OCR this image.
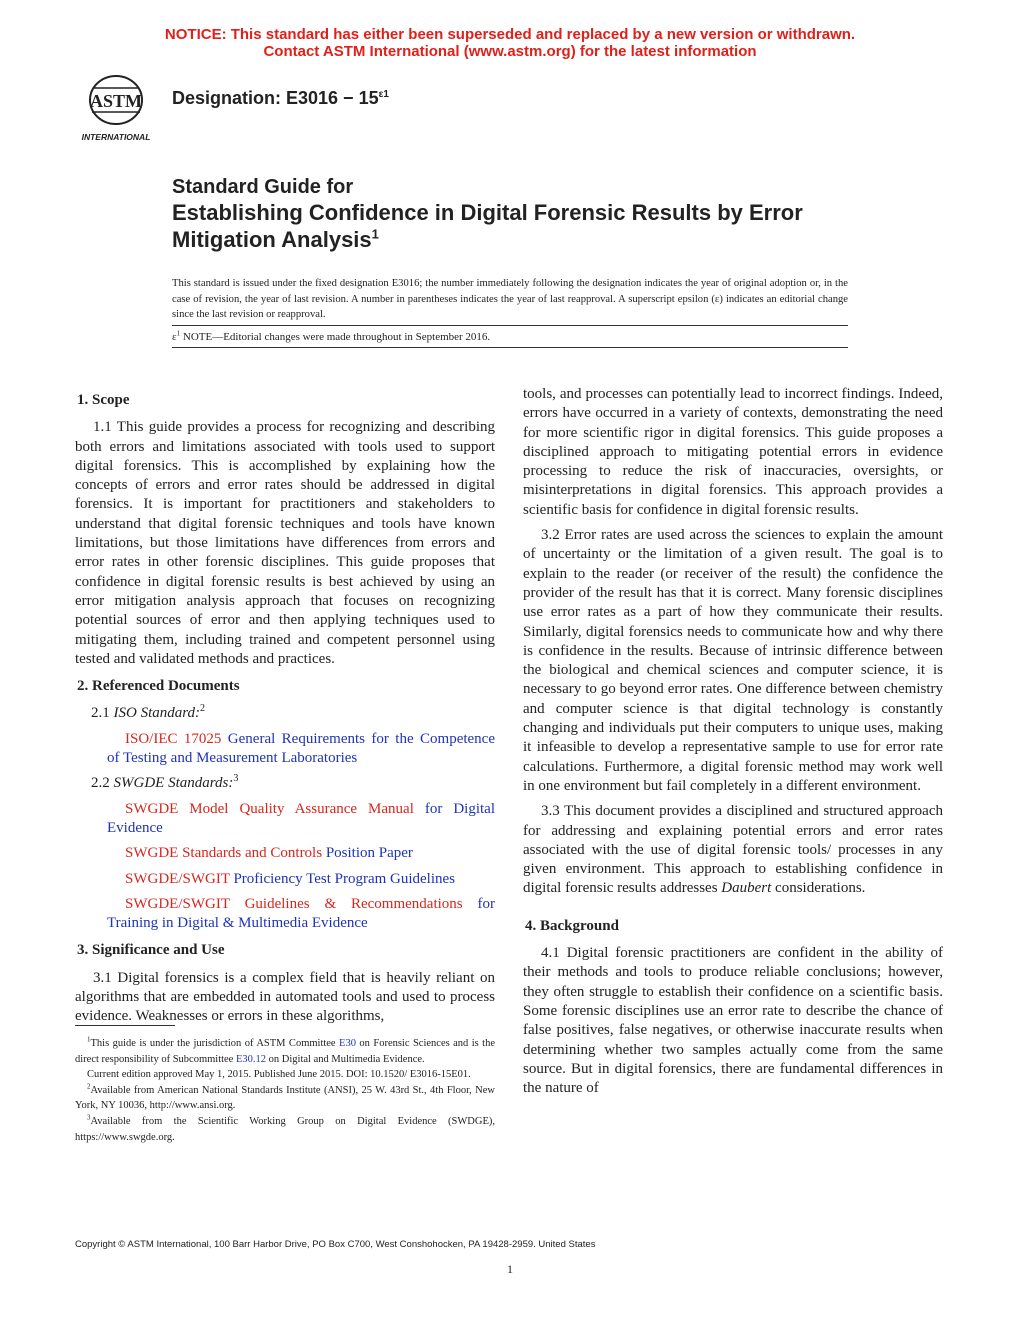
NOTICE: This standard has either been superseded and replaced by a new version or withdrawn.
Contact ASTM International (www.astm.org) for the latest information
ASTM
INTERNATIONAL
Designation: $E3016 - 15^{\varepsilon 1}$
Standard Guide for
Establishing Confidence in Digital Forensic Results by Error
Mitigation Analysis$^1$
This standard is issued under the fixed designation E3016; the number immediately following the designation indicates the year of original adoption or, in the case of revision, the year of last revision. A number in parentheses indicates the year of last reapproval. A superscript epsilon (ε) indicates an editorial change since the last revision or reapproval.
$\varepsilon^1$ NOTE—Editorial changes were made throughout in September 2016.
1. Scope

1.1 This guide provides a process for recognizing and describing both errors and limitations associated with tools used to support digital forensics. This is accomplished by explaining how the concepts of errors and error rates should be addressed in digital forensics. It is important for practitioners and stakeholders to understand that digital forensic techniques and tools have known limitations, but those limitations have differences from errors and error rates in other forensic disciplines. This guide proposes that confidence in digital forensic results is best achieved by using an error mitigation analysis approach that focuses on recognizing potential sources of error and then applying techniques used to mitigating them, including trained and competent personnel using tested and validated methods and practices.

2. Referenced Documents

2.1 ISO Standard:$^2$

ISO/IEC 17025 General Requirements for the Competence of Testing and Measurement Laboratories

2.2 SWGDE Standards:$^3$

SWGDE Model Quality Assurance Manual for Digital Evidence

SWGDE Standards and Controls Position Paper

SWGDE/SWGIT Proficiency Test Program Guidelines

SWGDE/SWGIT Guidelines & Recommendations for Training in Digital & Multimedia Evidence

3. Significance and Use

3.1 Digital forensics is a complex field that is heavily reliant on algorithms that are embedded in automated tools and used to process evidence. Weaknesses or errors in these algorithms,

tools, and processes can potentially lead to incorrect findings. Indeed, errors have occurred in a variety of contexts, demonstrating the need for more scientific rigor in digital forensics. This guide proposes a disciplined approach to mitigating potential errors in evidence processing to reduce the risk of inaccuracies, oversights, or misinterpretations in digital forensics. This approach provides a scientific basis for confidence in digital forensic results.

3.2 Error rates are used across the sciences to explain the amount of uncertainty or the limitation of a given result. The goal is to explain to the reader (or receiver of the result) the confidence the provider of the result has that it is correct. Many forensic disciplines use error rates as a part of how they communicate their results. Similarly, digital forensics needs to communicate how and why there is confidence in the results. Because of intrinsic difference between the biological and chemical sciences and computer science, it is necessary to go beyond error rates. One difference between chemistry and computer science is that digital technology is constantly changing and individuals put their computers to unique uses, making it infeasible to develop a representative sample to use for error rate calculations. Furthermore, a digital forensic method may work well in one environment but fail completely in a different environment.

3.3 This document provides a disciplined and structured approach for addressing and explaining potential errors and error rates associated with the use of digital forensic tools/ processes in any given environment. This approach to establishing confidence in digital forensic results addresses Daubert considerations.

4. Background

4.1 Digital forensic practitioners are confident in the ability of their methods and tools to produce reliable conclusions; however, they often struggle to establish their confidence on a scientific basis. Some forensic disciplines use an error rate to describe the chance of false positives, false negatives, or otherwise inaccurate results when determining whether two samples actually come from the same source. But in digital forensics, there are fundamental differences in the nature of

$^1$This guide is under the jurisdiction of ASTM Committee E30 on Forensic Sciences and is the direct responsibility of Subcommittee E30.12 on Digital and Multimedia Evidence.

Current edition approved May 1, 2015. Published June 2015. DOI: 10.1520/ E3016-15E01.

$^2$Available from American National Standards Institute (ANSI), 25 W. 43rd St., 4th Floor, New York, NY 10036, http://www.ansi.org.

$^3$Available from the Scientific Working Group on Digital Evidence (SWDGE), https://www.swgde.org.

Copyright © ASTM International, 100 Barr Harbor Drive, PO Box C700, West Conshohocken, PA 19428-2959. United States
1
